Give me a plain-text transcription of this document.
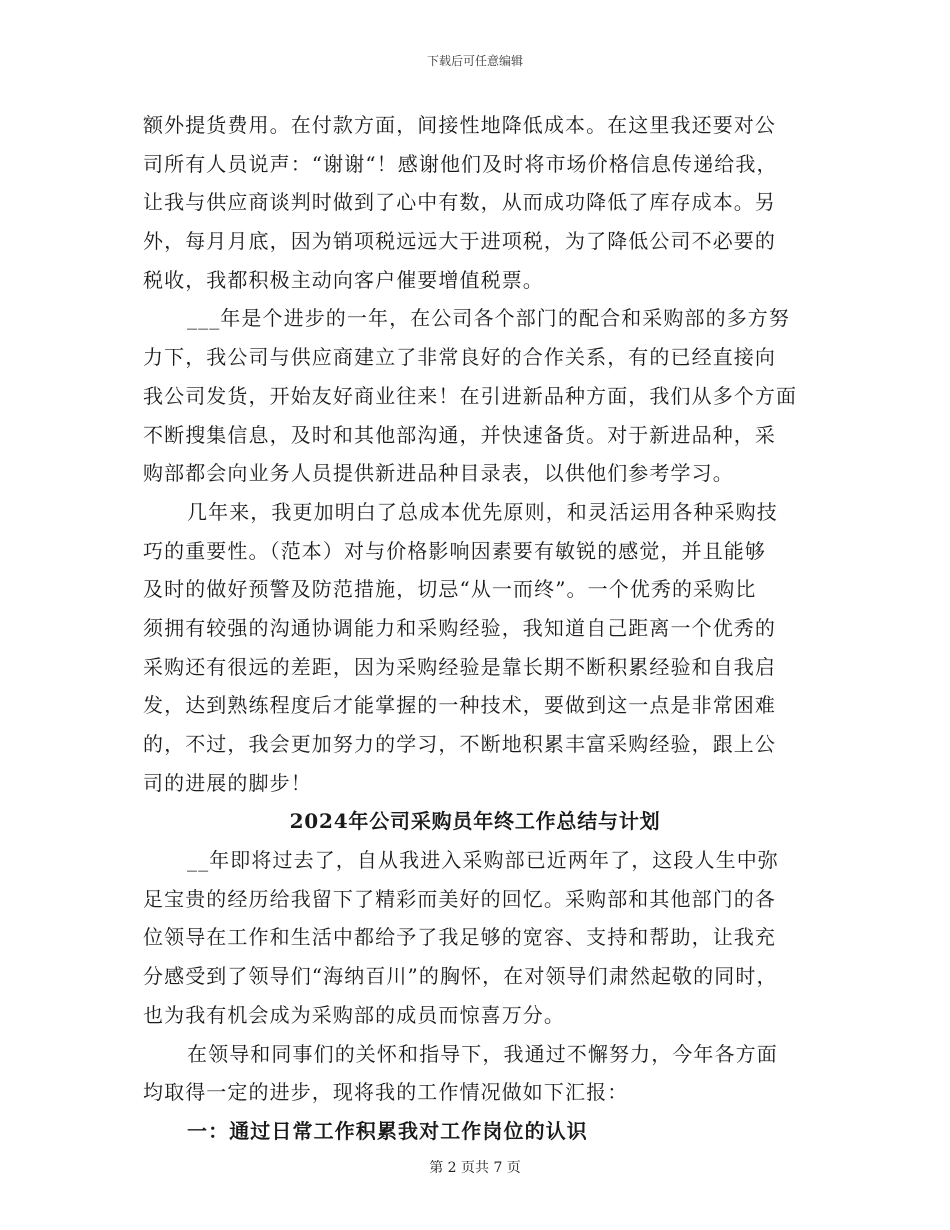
下载后可任意编辑
额外提货费用。在付款方面，间接性地降低成本。在这里我还要对公
司所有人员说声：“谢谢“！感谢他们及时将市场价格信息传递给我，
让我与供应商谈判时做到了心中有数，从而成功降低了库存成本。另
外，每月月底，因为销项税远远大于进项税，为了降低公司不必要的
税收，我都积极主动向客户催要增值税票。
___年是个进步的一年，在公司各个部门的配合和采购部的多方努
力下，我公司与供应商建立了非常良好的合作关系，有的已经直接向
我公司发货，开始友好商业往来！在引进新品种方面，我们从多个方面
不断搜集信息，及时和其他部沟通，并快速备货。对于新进品种，采
购部都会向业务人员提供新进品种目录表，以供他们参考学习。
几年来，我更加明白了总成本优先原则，和灵活运用各种采购技
巧的重要性。（范本）对与价格影响因素要有敏锐的感觉，并且能够
及时的做好预警及防范措施，切忌“从一而终”。一个优秀的采购比
须拥有较强的沟通协调能力和采购经验，我知道自己距离一个优秀的
采购还有很远的差距，因为采购经验是靠长期不断积累经验和自我启
发，达到熟练程度后才能掌握的一种技术，要做到这一点是非常困难
的，不过，我会更加努力的学习，不断地积累丰富采购经验，跟上公
司的进展的脚步！
2024年公司采购员年终工作总结与计划
__年即将过去了，自从我进入采购部已近两年了，这段人生中弥
足宝贵的经历给我留下了精彩而美好的回忆。采购部和其他部门的各
位领导在工作和生活中都给予了我足够的宽容、支持和帮助，让我充
分感受到了领导们“海纳百川”的胸怀，在对领导们肃然起敬的同时，
也为我有机会成为采购部的成员而惊喜万分。
在领导和同事们的关怀和指导下，我通过不懈努力，今年各方面
均取得一定的进步，现将我的工作情况做如下汇报：
一：通过日常工作积累我对工作岗位的认识
第 2 页共 7 页
